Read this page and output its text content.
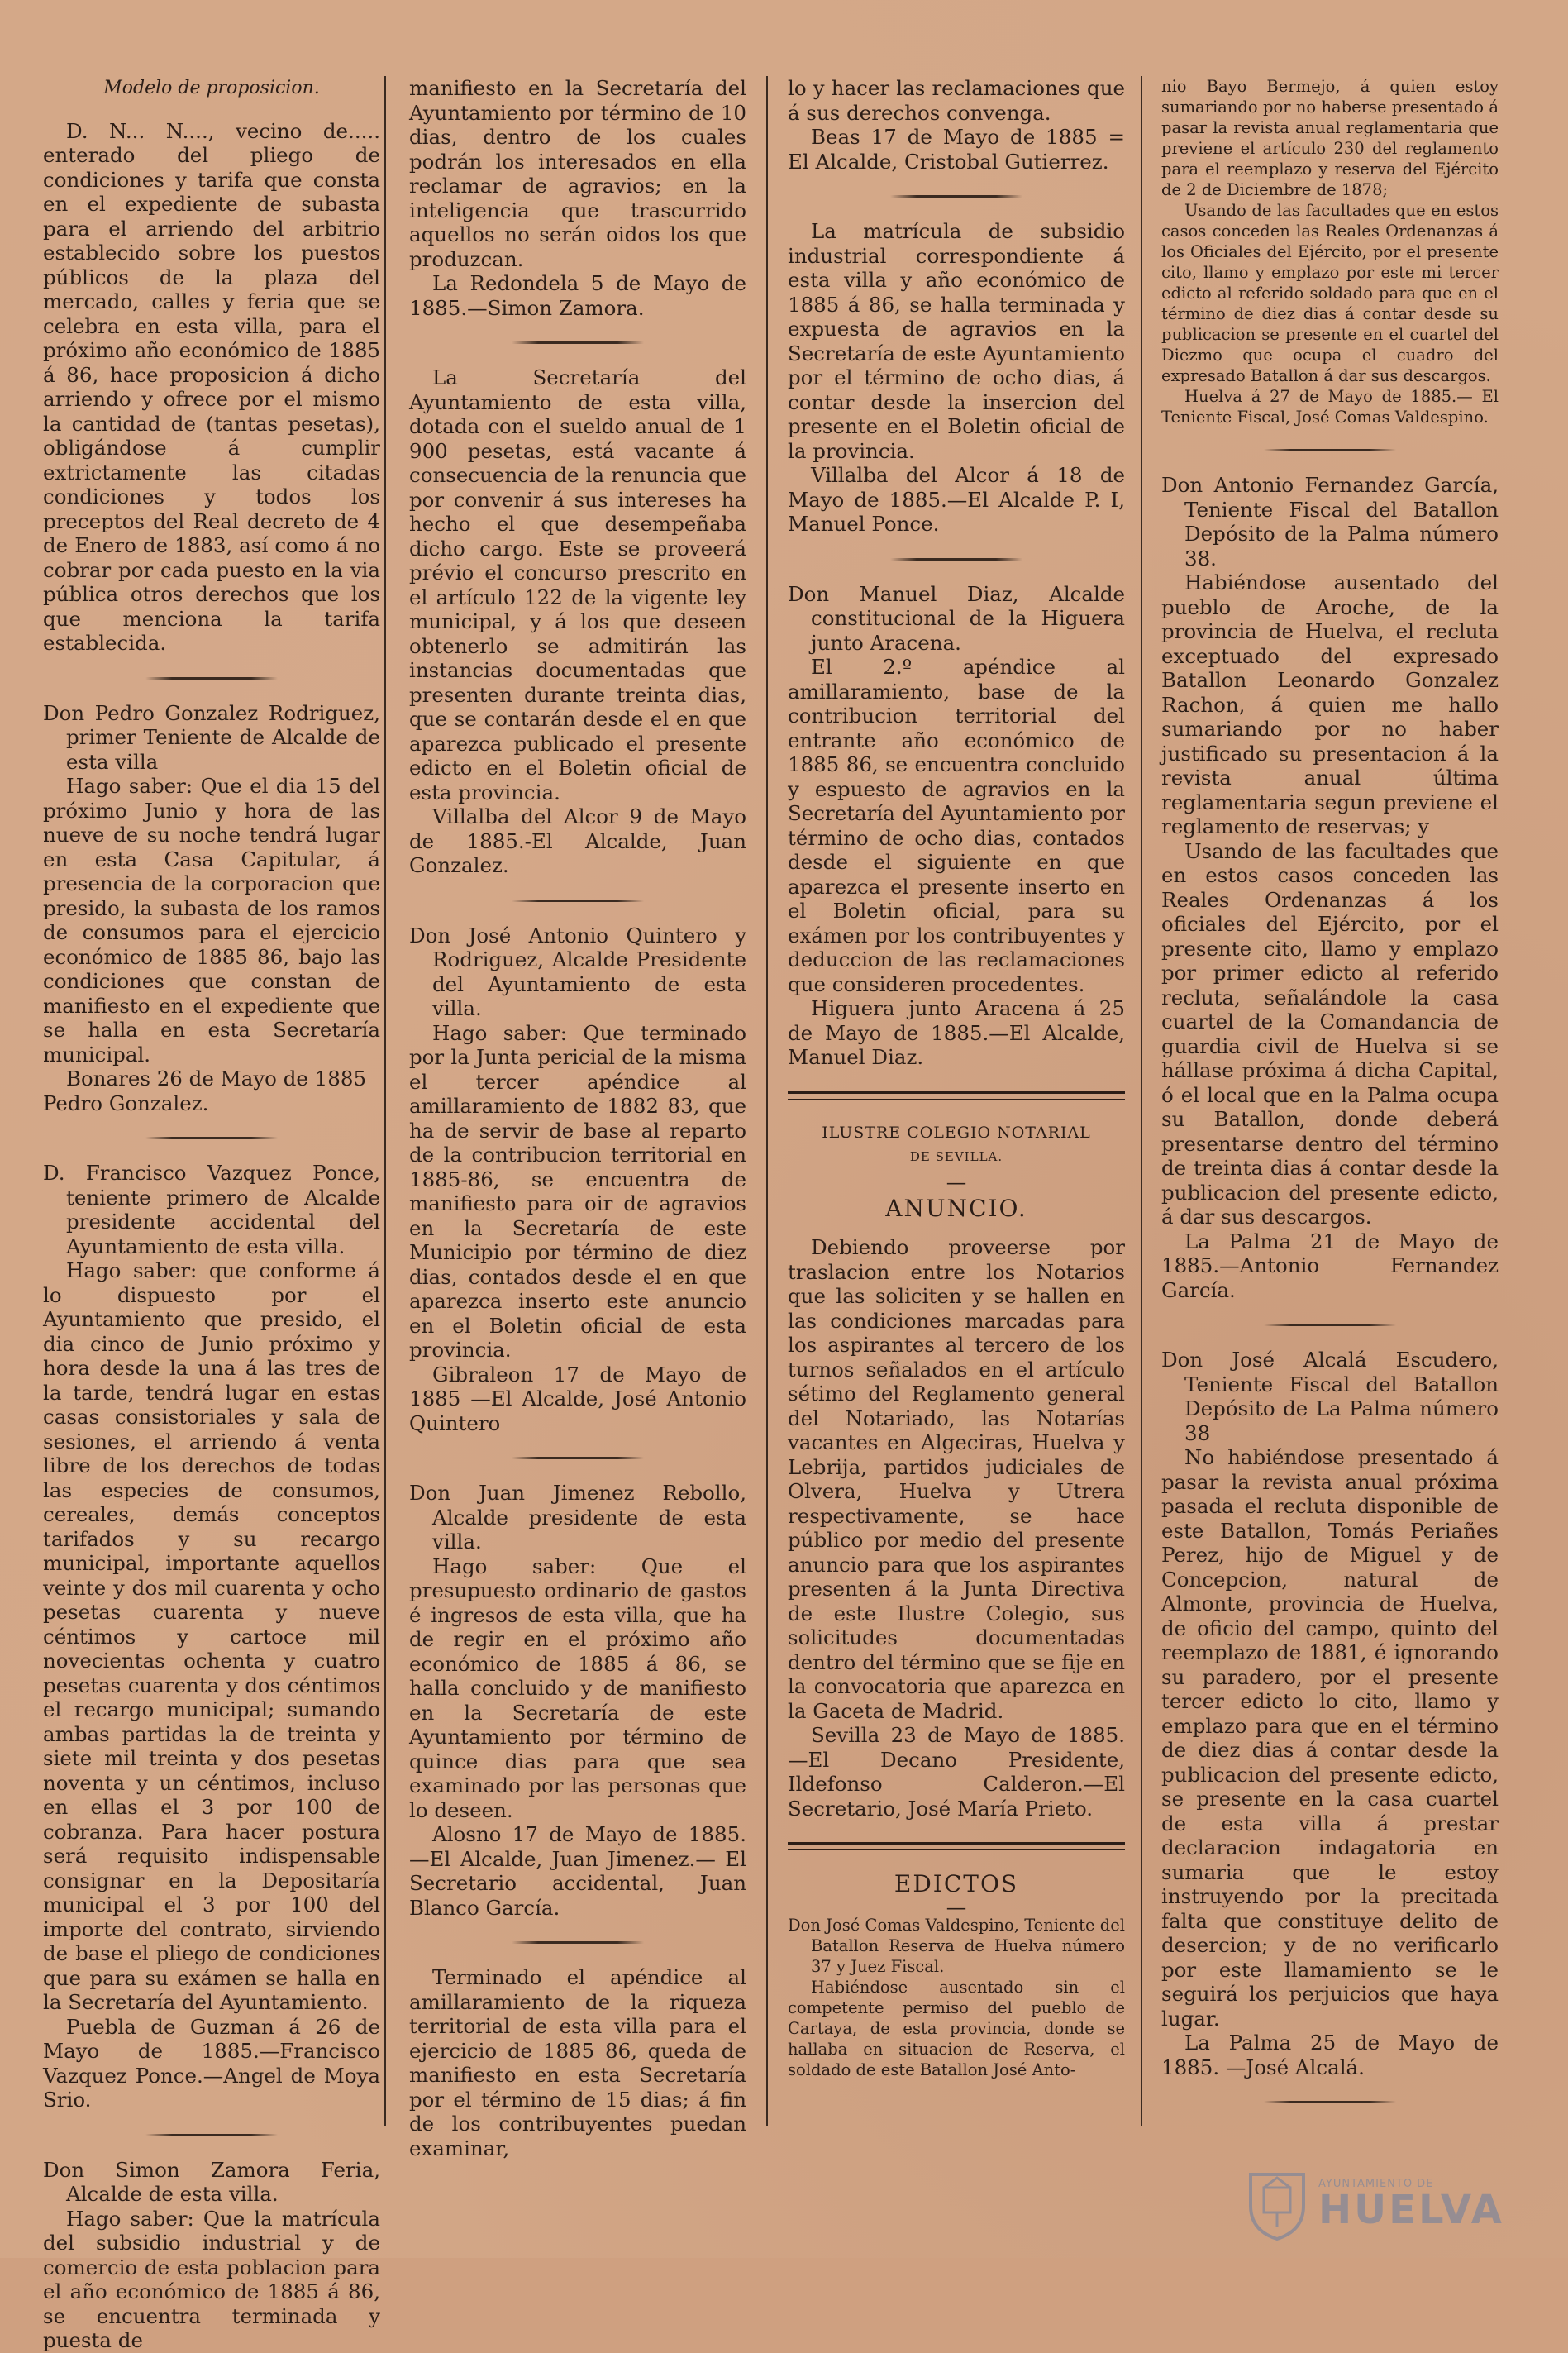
Modelo de proposicion.

D. N... N...., vecino de..... enterado del pliego de condiciones y tarifa que consta en el expediente de subasta para el arriendo del arbitrio establecido sobre los puestos públicos de la plaza del mercado, calles y feria que se celebra en esta villa, para el próximo año económico de 1885 á 86, hace proposicion á dicho arriendo y ofrece por el mismo la cantidad de (tantas pesetas), obligándose á cumplir extrictamente las citadas condiciones y todos los preceptos del Real decreto de 4 de Enero de 1883, así como á no cobrar por cada puesto en la via pública otros derechos que los que menciona la tarifa establecida.

Don Pedro Gonzalez Rodriguez, primer Teniente de Alcalde de esta villa

Hago saber: Que el dia 15 del próximo Junio y hora de las nueve de su noche tendrá lugar en esta Casa Capitular, á presencia de la corporacion que presido, la subasta de los ramos de consumos para el ejercicio económico de 1885 86, bajo las condiciones que constan de manifiesto en el expediente que se halla en esta Secretaría municipal.

Bonares 26 de Mayo de 1885

Pedro Gonzalez.

D. Francisco Vazquez Ponce, teniente primero de Alcalde presidente accidental del Ayuntamiento de esta villa.

Hago saber: que conforme á lo dispuesto por el Ayuntamiento que presido, el dia cinco de Junio próximo y hora desde la una á las tres de la tarde, tendrá lugar en estas casas consistoriales y sala de sesiones, el arriendo á venta libre de los derechos de todas las especies de consumos, cereales, demás conceptos tarifados y su recargo municipal, importante aquellos veinte y dos mil cuarenta y ocho pesetas cuarenta y nueve céntimos y cartoce mil novecientas ochenta y cuatro pesetas cuarenta y dos céntimos el recargo municipal; sumando ambas partidas la de treinta y siete mil treinta y dos pesetas noventa y un céntimos, incluso en ellas el 3 por 100 de cobranza. Para hacer postura será requisito indispensable consignar en la Depositaría municipal el 3 por 100 del importe del contrato, sirviendo de base el pliego de condiciones que para su exámen se halla en la Secretaría del Ayuntamiento.

Puebla de Guzman á 26 de Mayo de 1885.—Francisco Vazquez Ponce.—Angel de Moya Srio.

Don Simon Zamora Feria, Alcalde de esta villa.

Hago saber: Que la matrícula del subsidio industrial y de comercio de esta poblacion para el año económico de 1885 á 86, se encuentra terminada y puesta de

manifiesto en la Secretaría del Ayuntamiento por término de 10 dias, dentro de los cuales podrán los interesados en ella reclamar de agravios; en la inteligencia que trascurrido aquellos no serán oidos los que produzcan.

La Redondela 5 de Mayo de 1885.—Simon Zamora.

La Secretaría del Ayuntamiento de esta villa, dotada con el sueldo anual de 1 900 pesetas, está vacante á consecuencia de la renuncia que por convenir á sus intereses ha hecho el que desempeñaba dicho cargo. Este se proveerá prévio el concurso prescrito en el artículo 122 de la vigente ley municipal, y á los que deseen obtenerlo se admitirán las instancias documentadas que presenten durante treinta dias, que se contarán desde el en que aparezca publicado el presente edicto en el Boletin oficial de esta provincia.

Villalba del Alcor 9 de Mayo de 1885.-El Alcalde, Juan Gonzalez.

Don José Antonio Quintero y Rodriguez, Alcalde Presidente del Ayuntamiento de esta villa.

Hago saber: Que terminado por la Junta pericial de la misma el tercer apéndice al amillaramiento de 1882 83, que ha de servir de base al reparto de la contribucion territorial en 1885-86, se encuentra de manifiesto para oir de agravios en la Secretaría de este Municipio por término de diez dias, contados desde el en que aparezca inserto este anuncio en el Boletin oficial de esta provincia.

Gibraleon 17 de Mayo de 1885 —El Alcalde, José Antonio Quintero

Don Juan Jimenez Rebollo, Alcalde presidente de esta villa.

Hago saber: Que el presupuesto ordinario de gastos é ingresos de esta villa, que ha de regir en el próximo año económico de 1885 á 86, se halla concluido y de manifiesto en la Secretaría de este Ayuntamiento por término de quince dias para que sea examinado por las personas que lo deseen.

Alosno 17 de Mayo de 1885. —El Alcalde, Juan Jimenez.— El Secretario accidental, Juan Blanco García.

Terminado el apéndice al amillaramiento de la riqueza territorial de esta villa para el ejercicio de 1885 86, queda de manifiesto en esta Secretaría por el término de 15 dias; á fin de los contribuyentes puedan examinar,

lo y hacer las reclamaciones que á sus derechos convenga.

Beas 17 de Mayo de 1885 = El Alcalde, Cristobal Gutierrez.

La matrícula de subsidio industrial correspondiente á esta villa y año económico de 1885 á 86, se halla terminada y expuesta de agravios en la Secretaría de este Ayuntamiento por el término de ocho dias, á contar desde la insercion del presente en el Boletin oficial de la provincia.

Villalba del Alcor á 18 de Mayo de 1885.—El Alcalde P. I, Manuel Ponce.

Don Manuel Diaz, Alcalde constitucional de la Higuera junto Aracena.

El 2.º apéndice al amillaramiento, base de la contribucion territorial del entrante año económico de 1885 86, se encuentra concluido y espuesto de agravios en la Secretaría del Ayuntamiento por término de ocho dias, contados desde el siguiente en que aparezca el presente inserto en el Boletin oficial, para su exámen por los contribuyentes y deduccion de las reclamaciones que consideren procedentes.

Higuera junto Aracena á 25 de Mayo de 1885.—El Alcalde, Manuel Diaz.

ILUSTRE COLEGIO NOTARIAL

DE SEVILLA.

—

ANUNCIO.

Debiendo proveerse por traslacion entre los Notarios que las soliciten y se hallen en las condiciones marcadas para los aspirantes al tercero de los turnos señalados en el artículo sétimo del Reglamento general del Notariado, las Notarías vacantes en Algeciras, Huelva y Lebrija, partidos judiciales de Olvera, Huelva y Utrera respectivamente, se hace público por medio del presente anuncio para que los aspirantes presenten á la Junta Directiva de este Ilustre Colegio, sus solicitudes documentadas dentro del término que se fije en la convocatoria que aparezca en la Gaceta de Madrid.

Sevilla 23 de Mayo de 1885. —El Decano Presidente, Ildefonso Calderon.—El Secretario, José María Prieto.

EDICTOS

—

Don José Comas Valdespino, Teniente del Batallon Reserva de Huelva número 37 y Juez Fiscal.

Habiéndose ausentado sin el competente permiso del pueblo de Cartaya, de esta provincia, donde se hallaba en situacion de Reserva, el soldado de este Batallon José Anto-

nio Bayo Bermejo, á quien estoy sumariando por no haberse presentado á pasar la revista anual reglamentaria que previene el artículo 230 del reglamento para el reemplazo y reserva del Ejército de 2 de Diciembre de 1878;

Usando de las facultades que en estos casos conceden las Reales Ordenanzas á los Oficiales del Ejército, por el presente cito, llamo y emplazo por este mi tercer edicto al referido soldado para que en el término de diez dias á contar desde su publicacion se presente en el cuartel del Diezmo que ocupa el cuadro del expresado Batallon á dar sus descargos.

Huelva á 27 de Mayo de 1885.— El Teniente Fiscal, José Comas Valdespino.

Don Antonio Fernandez García, Teniente Fiscal del Batallon Depósito de la Palma número 38.

Habiéndose ausentado del pueblo de Aroche, de la provincia de Huelva, el recluta exceptuado del expresado Batallon Leonardo Gonzalez Rachon, á quien me hallo sumariando por no haber justificado su presentacion á la revista anual última reglamentaria segun previene el reglamento de reservas; y

Usando de las facultades que en estos casos conceden las Reales Ordenanzas á los oficiales del Ejército, por el presente cito, llamo y emplazo por primer edicto al referido recluta, señalándole la casa cuartel de la Comandancia de guardia civil de Huelva si se hállase próxima á dicha Capital, ó el local que en la Palma ocupa su Batallon, donde deberá presentarse dentro del término de treinta dias á contar desde la publicacion del presente edicto, á dar sus descargos.

La Palma 21 de Mayo de 1885.—Antonio Fernandez García.

Don José Alcalá Escudero, Teniente Fiscal del Batallon Depósito de La Palma número 38

No habiéndose presentado á pasar la revista anual próxima pasada el recluta disponible de este Batallon, Tomás Periañes Perez, hijo de Miguel y de Concepcion, natural de Almonte, provincia de Huelva, de oficio del campo, quinto del reemplazo de 1881, é ignorando su paradero, por el presente tercer edicto lo cito, llamo y emplazo para que en el término de diez dias á contar desde la publicacion del presente edicto, se presente en la casa cuartel de esta villa á prestar declaracion indagatoria en sumaria que le estoy instruyendo por la precitada falta que constituye delito de desercion; y de no verificarlo por este llamamiento se le seguirá los perjuicios que haya lugar.

La Palma 25 de Mayo de 1885. —José Alcalá.

AYUNTAMIENTO DE
HUELVA
